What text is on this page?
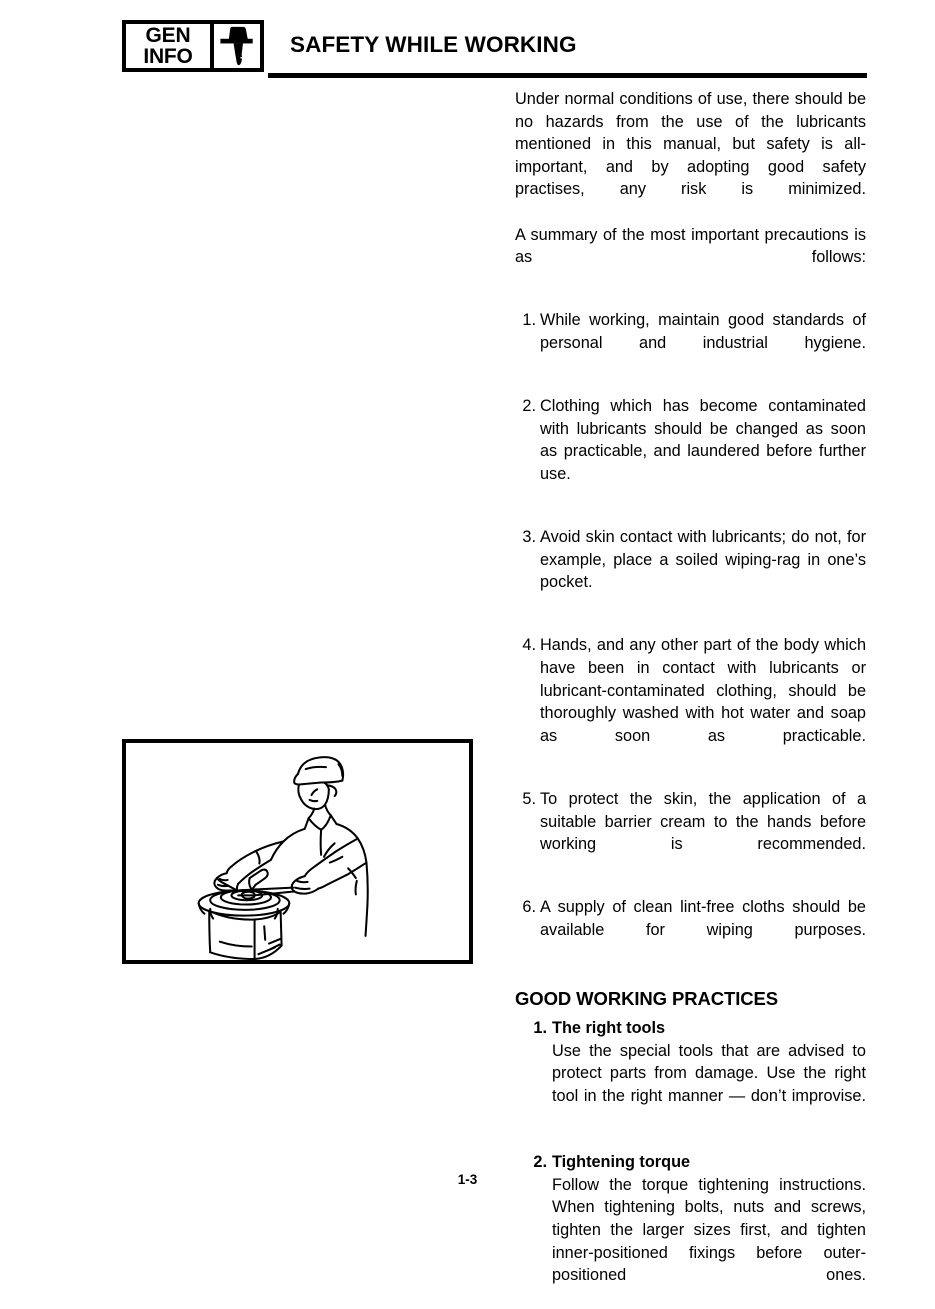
GEN
INFO	SAFETY WHILE WORKING

Under normal conditions of use, there should be no hazards from the use of the lubricants mentioned in this manual, but safety is all-important, and by adopting good safety practises, any risk is minimized.

A summary of the most important precautions is as follows:

1. While working, maintain good standards of personal and industrial hygiene.
2. Clothing which has become contaminated with lubricants should be changed as soon as practicable, and laundered before further use.
3. Avoid skin contact with lubricants; do not, for example, place a soiled wiping-rag in one’s pocket.
4. Hands, and any other part of the body which have been in contact with lubricants or lubricant-contaminated clothing, should be thoroughly washed with hot water and soap as soon as practicable.
5. To protect the skin, the application of a suitable barrier cream to the hands before working is recommended.
6. A supply of clean lint-free cloths should be available for wiping purposes.
GOOD WORKING PRACTICES
1. The right tools
Use the special tools that are advised to protect parts from damage. Use the right tool in the right manner — don’t improvise.
2. Tightening torque
Follow the torque tightening instructions. When tightening bolts, nuts and screws, tighten the larger sizes first, and tighten inner-positioned fixings before outer-positioned ones.
1-3
